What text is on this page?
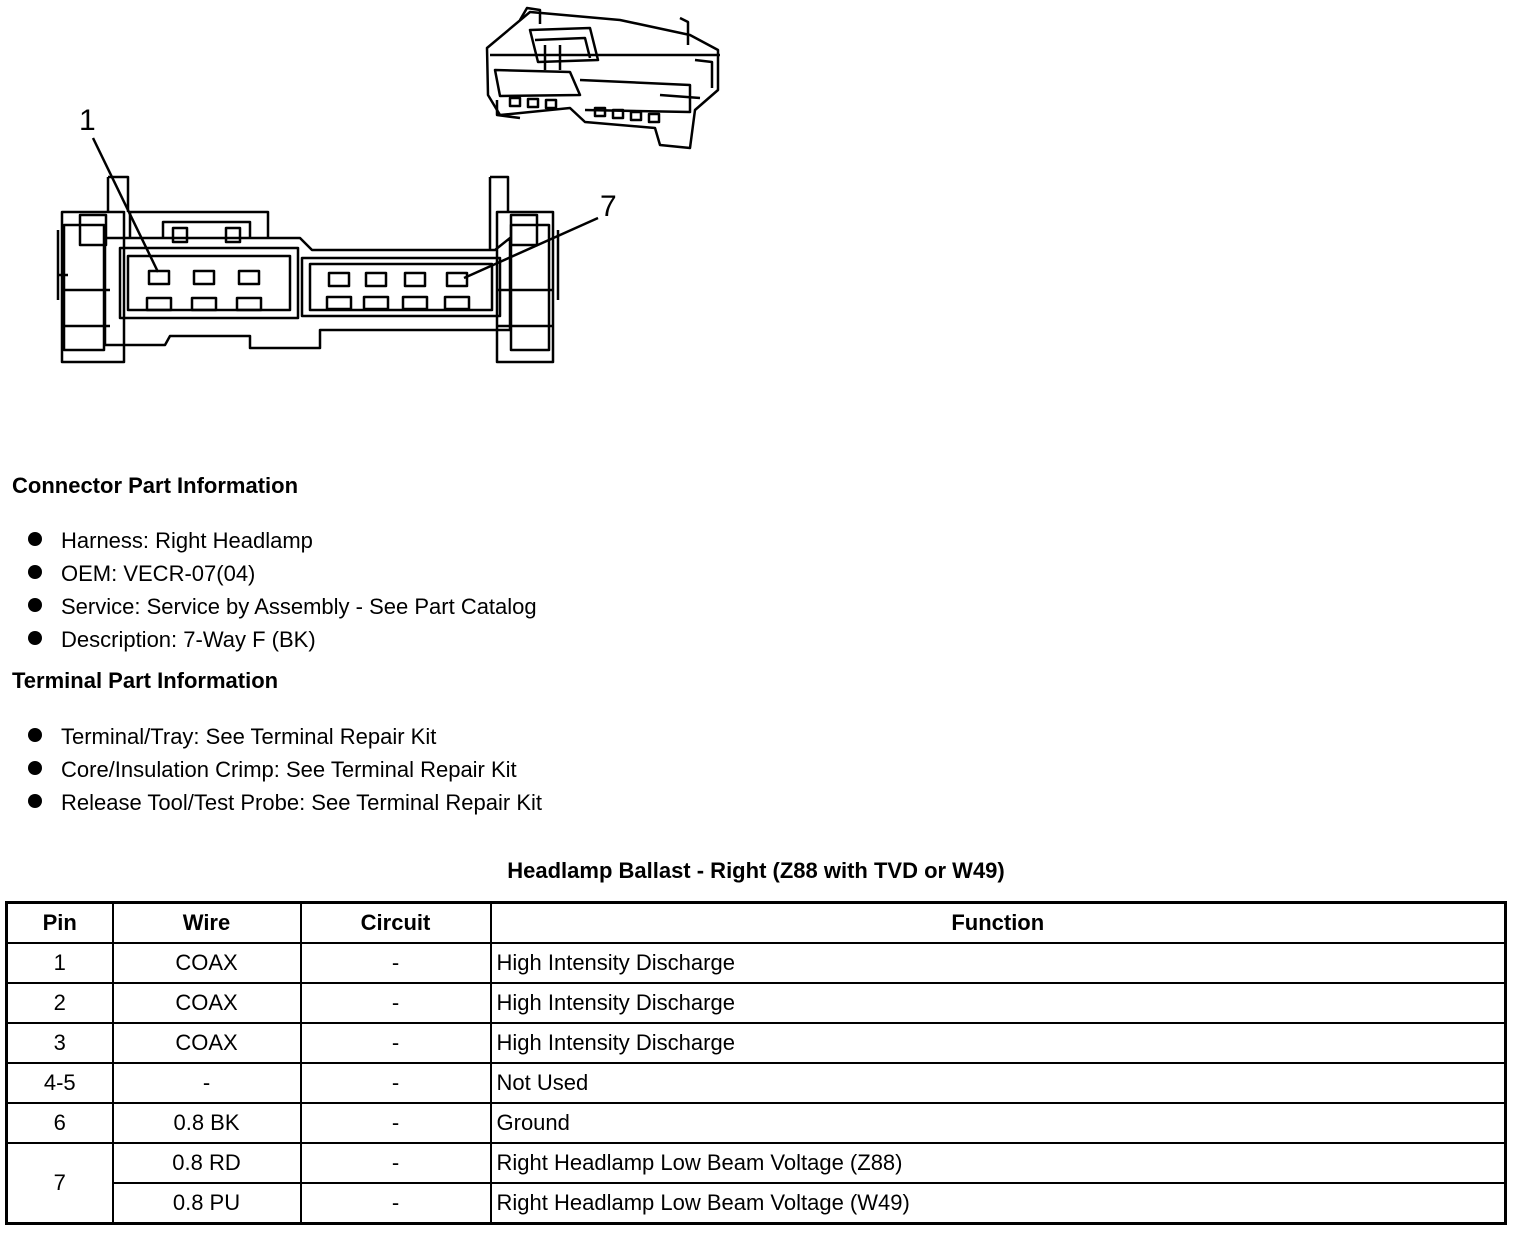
1
7
Connector Part Information
Harness: Right Headlamp
OEM: VECR-07(04)
Service: Service by Assembly - See Part Catalog
Description: 7-Way F (BK)
Terminal Part Information
Terminal/Tray: See Terminal Repair Kit
Core/Insulation Crimp: See Terminal Repair Kit
Release Tool/Test Probe: See Terminal Repair Kit
Headlamp Ballast - Right (Z88 with TVD or W49)
Pin	Wire	Circuit	Function
1	COAX	-	High Intensity Discharge
2	COAX	-	High Intensity Discharge
3	COAX	-	High Intensity Discharge
4-5	-	-	Not Used
6	0.8 BK	-	Ground
7	0.8 RD	-	Right Headlamp Low Beam Voltage (Z88)
	0.8 PU	-	Right Headlamp Low Beam Voltage (W49)
